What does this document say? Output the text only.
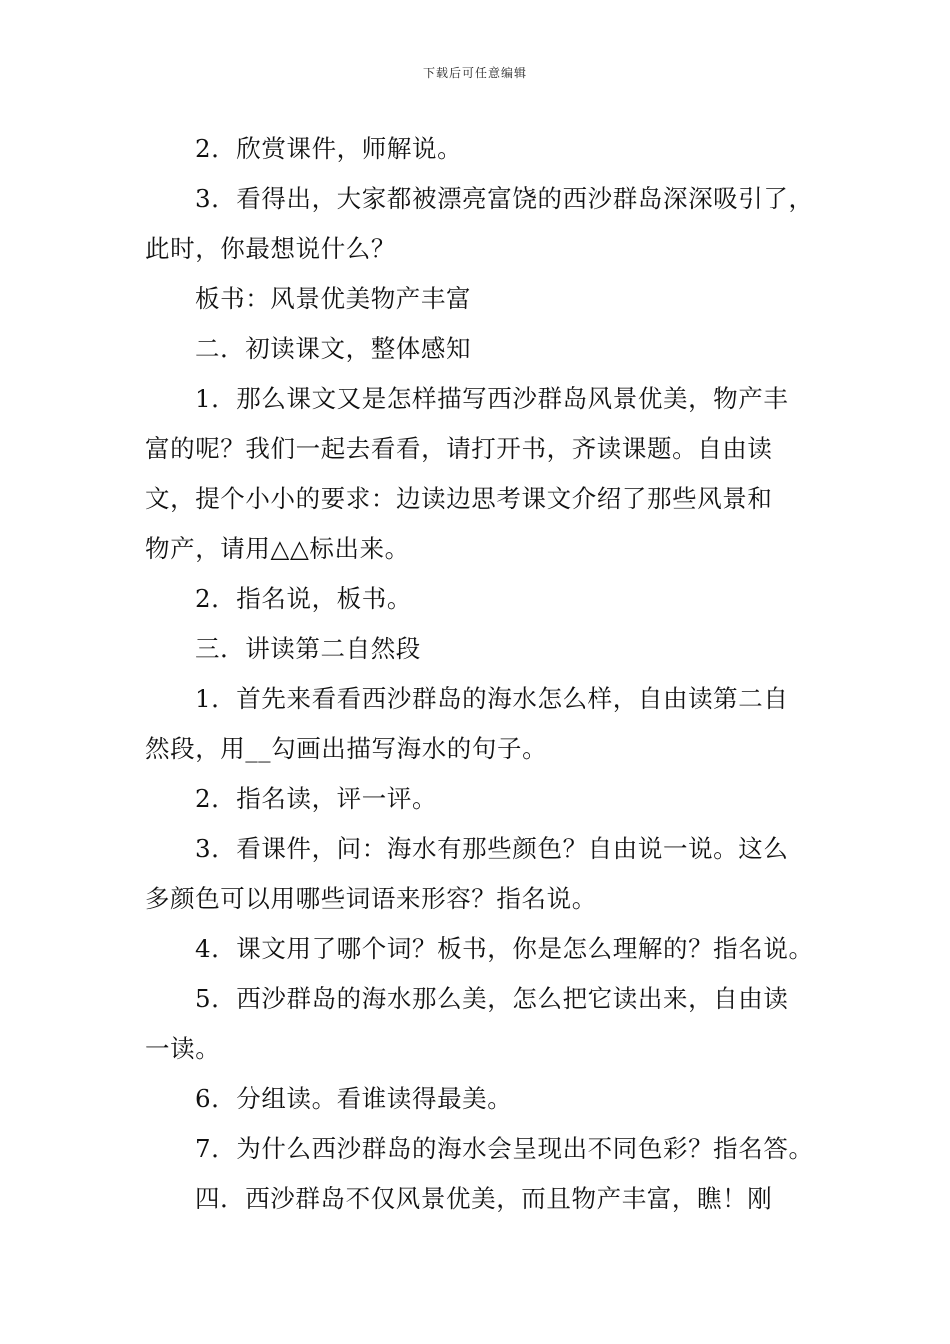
下载后可任意编辑
2．欣赏课件，师解说。
3．看得出，大家都被漂亮富饶的西沙群岛深深吸引了，
此时，你最想说什么？
板书：风景优美物产丰富
二．初读课文，整体感知
1．那么课文又是怎样描写西沙群岛风景优美，物产丰
富的呢？我们一起去看看，请打开书，齐读课题。自由读
文，提个小小的要求：边读边思考课文介绍了那些风景和
物产，请用△△标出来。
2．指名说，板书。
三．讲读第二自然段
1．首先来看看西沙群岛的海水怎么样，自由读第二自
然段，用__勾画出描写海水的句子。
2．指名读，评一评。
3．看课件，问：海水有那些颜色？自由说一说。这么
多颜色可以用哪些词语来形容？指名说。
4．课文用了哪个词？板书，你是怎么理解的？指名说。
5．西沙群岛的海水那么美，怎么把它读出来，自由读
一读。
6．分组读。看谁读得最美。
7．为什么西沙群岛的海水会呈现出不同色彩？指名答。
四．西沙群岛不仅风景优美，而且物产丰富，瞧！刚
